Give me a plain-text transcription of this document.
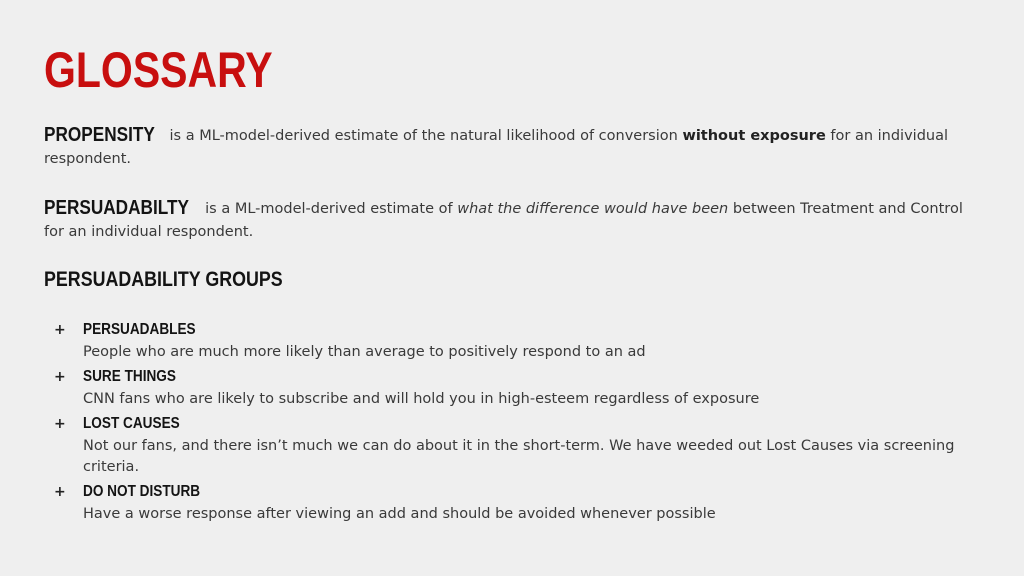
GLOSSARY

PROPENSITY is a ML-model-derived estimate of the natural likelihood of conversion without exposure for an individual respondent.

PERSUADABILTY is a ML-model-derived estimate of what the difference would have been between Treatment and Control for an individual respondent.

PERSUADABILITY GROUPS
+ PERSUADABLES
People who are much more likely than average to positively respond to an ad
+ SURE THINGS
CNN fans who are likely to subscribe and will hold you in high-esteem regardless of exposure
+ LOST CAUSES
Not our fans, and there isn’t much we can do about it in the short-term. We have weeded out Lost Causes via screening criteria.
+ DO NOT DISTURB
Have a worse response after viewing an add and should be avoided whenever possible
